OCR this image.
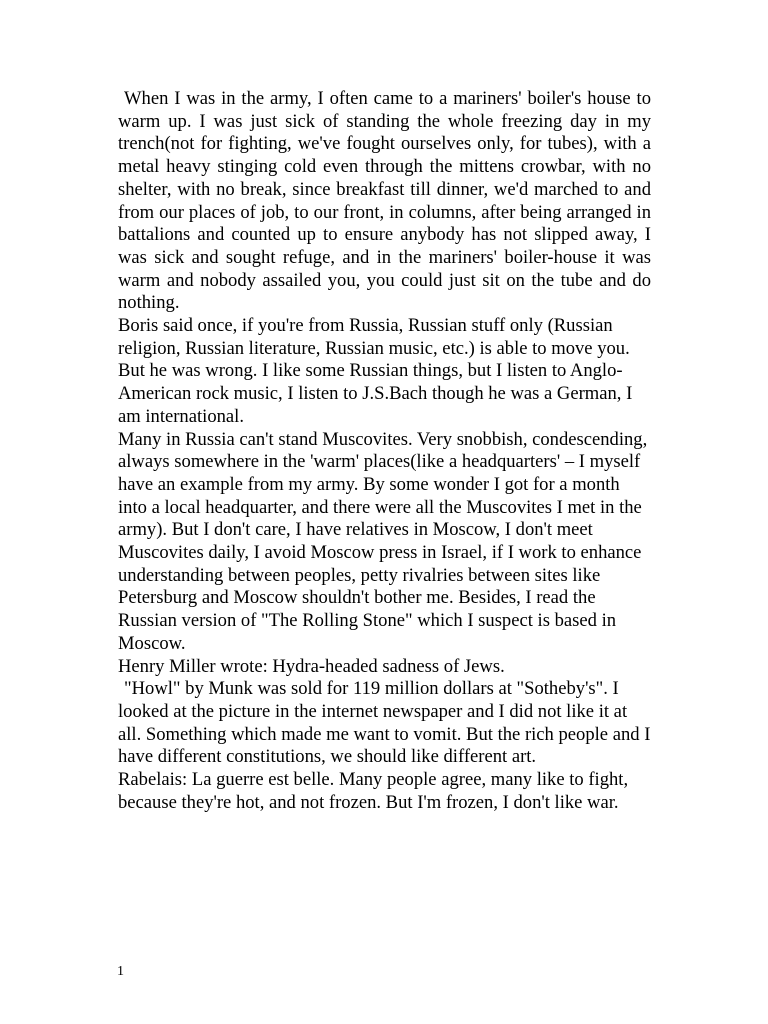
When I was in the army, I often came to a mariners' boiler's house to warm up. I was just sick of standing the whole freezing day in my trench(not for fighting, we've fought ourselves only, for tubes), with a metal heavy stinging cold even through the mittens crowbar, with no shelter, with no break, since breakfast till dinner, we'd marched to and from our places of job, to our front, in columns, after being arranged in battalions and counted up to ensure anybody has not slipped away, I was sick and sought refuge, and in the mariners' boiler-house it was warm and nobody assailed you, you could just sit on the tube and do nothing.

Boris said once, if you're from Russia, Russian stuff only (Russian religion, Russian literature, Russian music, etc.) is able to move you. But he was wrong. I like some Russian things, but I listen to Anglo-American rock music, I listen to J.S.Bach though he was a German, I am international.

Many in Russia can't stand Muscovites. Very snobbish, condescending, always somewhere in the 'warm' places(like a headquarters' – I myself have an example from my army. By some wonder I got for a month into a local headquarter, and there were all the Muscovites I met in the army). But I don't care, I have relatives in Moscow, I don't meet Muscovites daily, I avoid Moscow press in Israel, if I work to enhance understanding between peoples, petty rivalries between sites like Petersburg and Moscow shouldn't bother me. Besides, I read the Russian version of "The Rolling Stone" which I suspect is based in Moscow.

Henry Miller wrote: Hydra-headed sadness of Jews.

"Howl" by Munk was sold for 119 million dollars at "Sotheby's". I looked at the picture in the internet newspaper and I did not like it at all. Something which made me want to vomit. But the rich people and I have different constitutions, we should like different art.

Rabelais: La guerre est belle. Many people agree, many like to fight, because they're hot, and not frozen. But I'm frozen, I don't like war.

1
